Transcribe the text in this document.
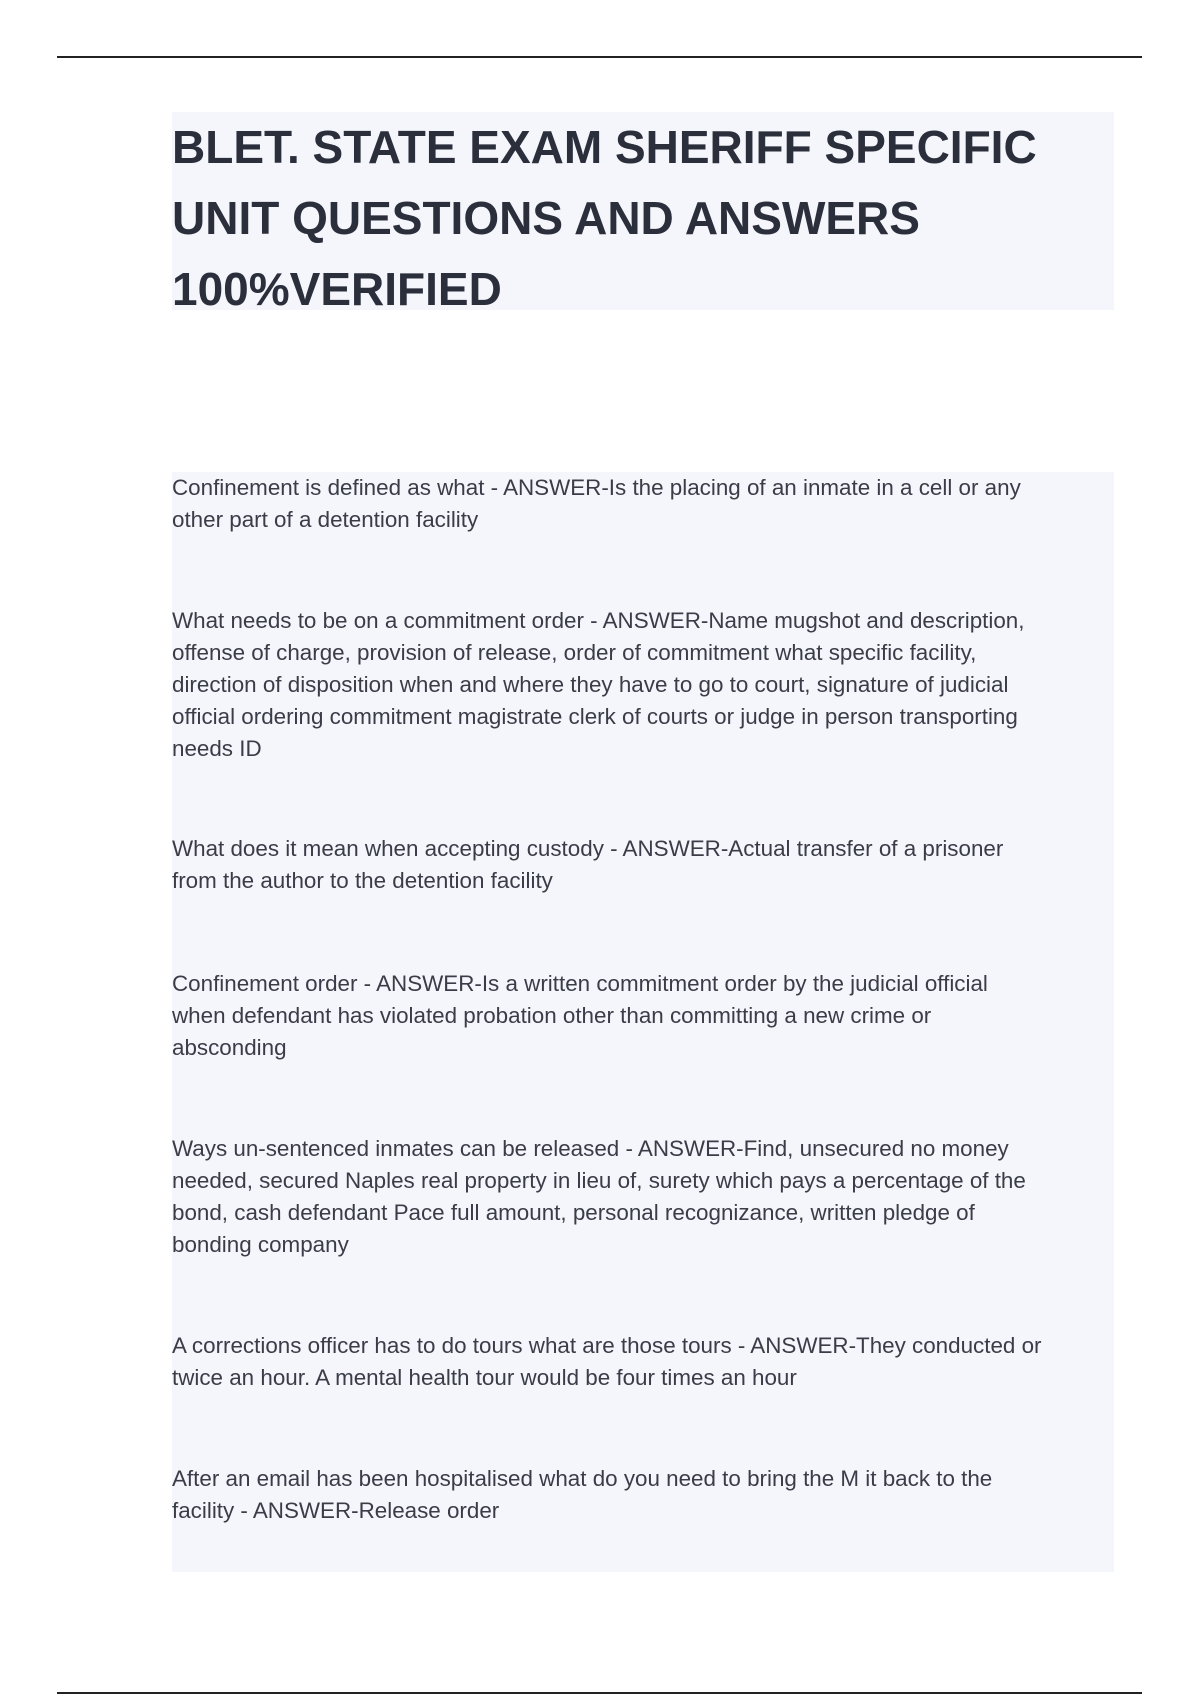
BLET. STATE EXAM SHERIFF SPECIFIC
UNIT QUESTIONS AND ANSWERS
100%VERIFIED

Confinement is defined as what - ANSWER-Is the placing of an inmate in a cell or any
other part of a detention facility

What needs to be on a commitment order - ANSWER-Name mugshot and description,
offense of charge, provision of release, order of commitment what specific facility,
direction of disposition when and where they have to go to court, signature of judicial
official ordering commitment magistrate clerk of courts or judge in person transporting
needs ID

What does it mean when accepting custody - ANSWER-Actual transfer of a prisoner
from the author to the detention facility

Confinement order - ANSWER-Is a written commitment order by the judicial official
when defendant has violated probation other than committing a new crime or
absconding

Ways un-sentenced inmates can be released - ANSWER-Find, unsecured no money
needed, secured Naples real property in lieu of, surety which pays a percentage of the
bond, cash defendant Pace full amount, personal recognizance, written pledge of
bonding company

A corrections officer has to do tours what are those tours - ANSWER-They conducted or
twice an hour. A mental health tour would be four times an hour

After an email has been hospitalised what do you need to bring the M it back to the
facility - ANSWER-Release order
